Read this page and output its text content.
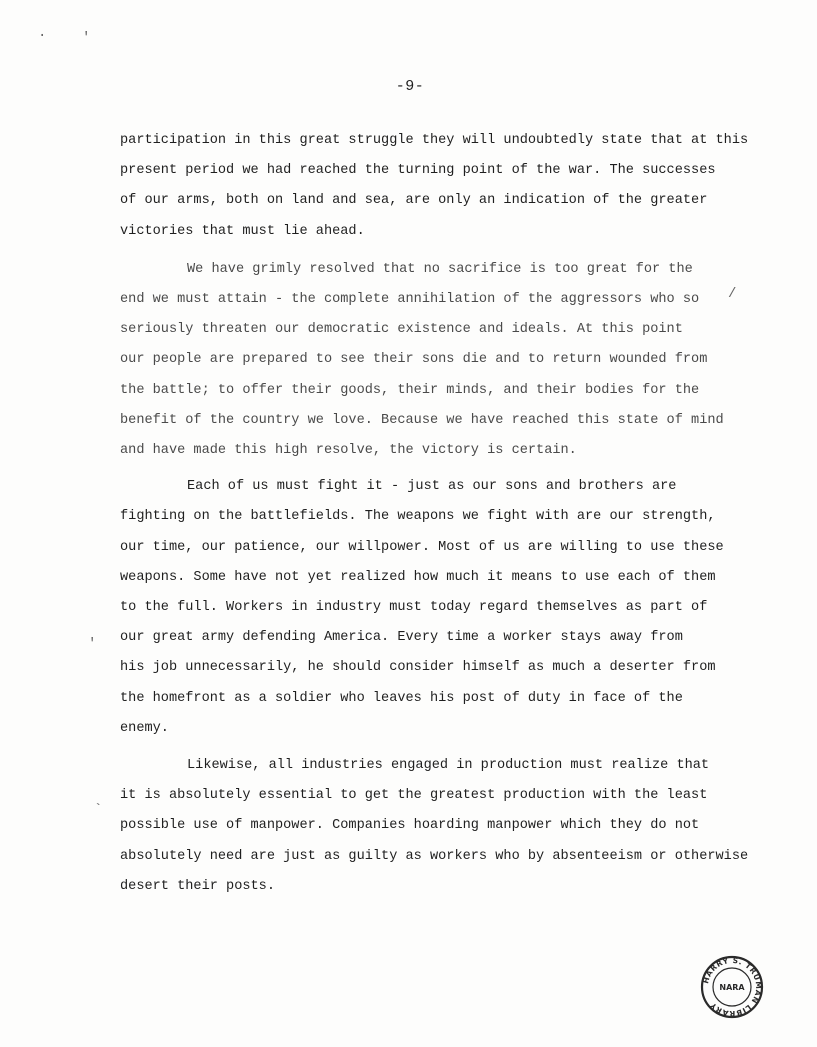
-9-

participation in this great struggle they will undoubtedly state that at this
present period we had reached the turning point of the war. The successes
of our arms, both on land and sea, are only an indication of the greater
victories that must lie ahead.

We have grimly resolved that no sacrifice is too great for the
end we must attain - the complete annihilation of the aggressors who so
seriously threaten our democratic existence and ideals. At this point
our people are prepared to see their sons die and to return wounded from
the battle; to offer their goods, their minds, and their bodies for the
benefit of the country we love. Because we have reached this state of mind
and have made this high resolve, the victory is certain.

Each of us must fight it - just as our sons and brothers are
fighting on the battlefields. The weapons we fight with are our strength,
our time, our patience, our willpower. Most of us are willing to use these
weapons. Some have not yet realized how much it means to use each of them
to the full. Workers in industry must today regard themselves as part of
our great army defending America. Every time a worker stays away from
his job unnecessarily, he should consider himself as much a deserter from
the homefront as a soldier who leaves his post of duty in face of the
enemy.

Likewise, all industries engaged in production must realize that
it is absolutely essential to get the greatest production with the least
possible use of manpower. Companies hoarding manpower which they do not
absolutely need are just as guilty as workers who by absenteeism or otherwise
desert their posts.

·	'
/
'
`
HARRY S. TRUMAN LIBRARY
NARA
